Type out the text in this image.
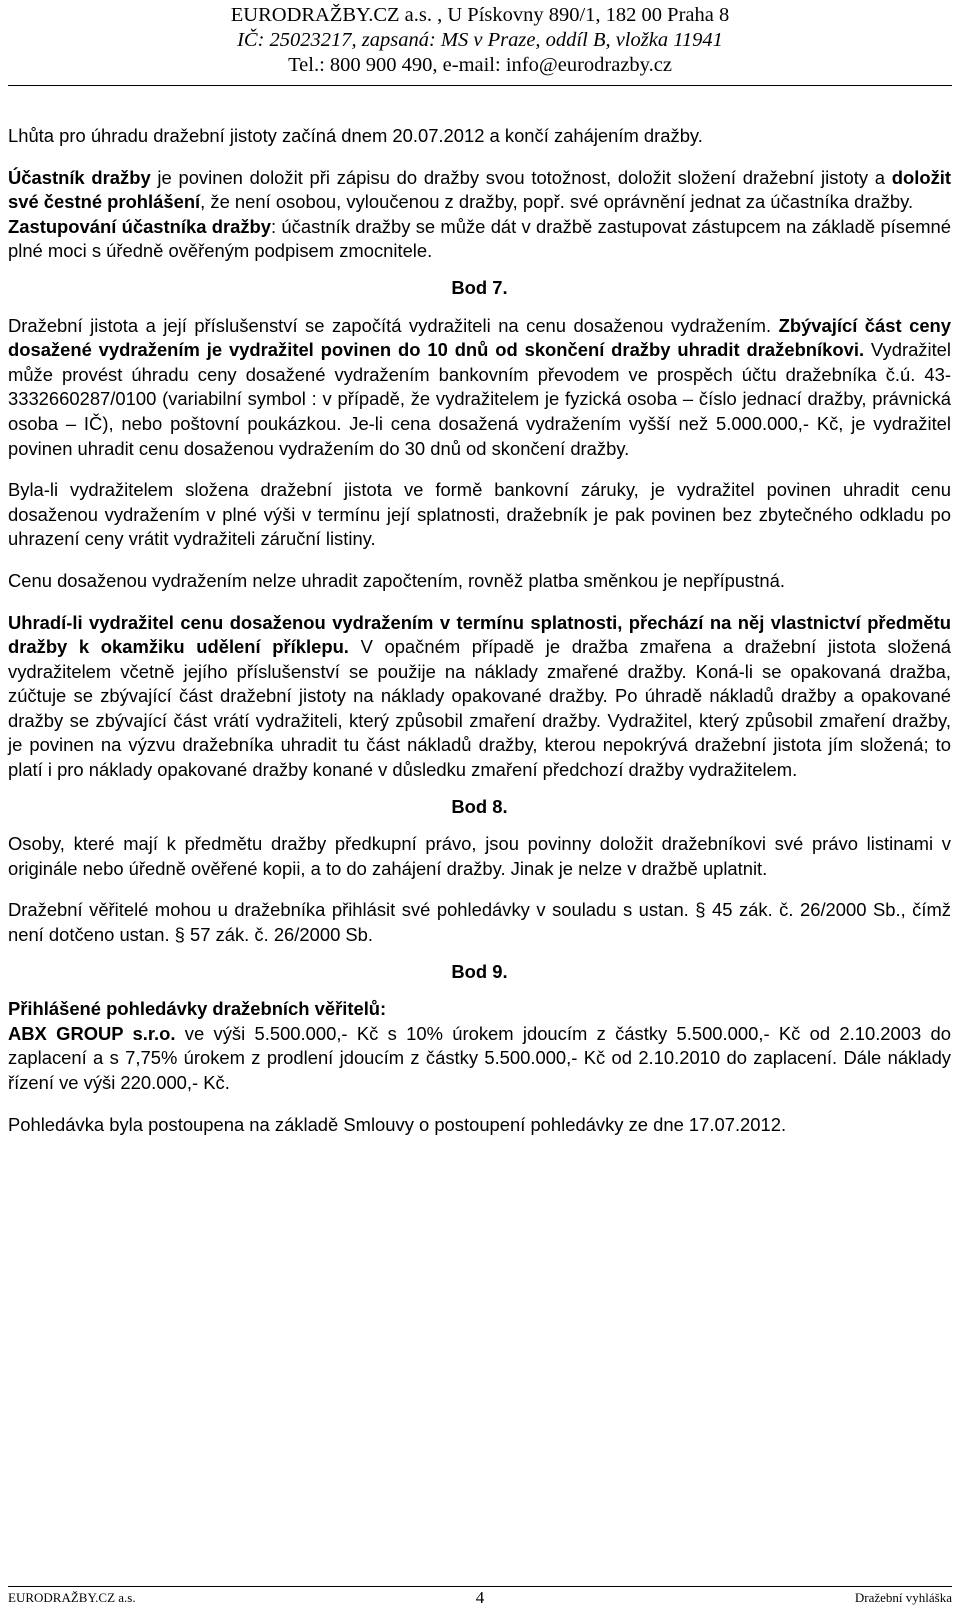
EURODRAŽBY.CZ a.s. , U Pískovny 890/1, 182 00 Praha 8
IČ: 25023217, zapsaná: MS v Praze, oddíl B, vložka 11941
Tel.: 800 900 490, e-mail: info@eurodrazby.cz

Lhůta pro úhradu dražební jistoty začíná dnem 20.07.2012 a končí zahájením dražby.

Účastník dražby je povinen doložit při zápisu do dražby svou totožnost, doložit složení dražební jistoty a doložit své čestné prohlášení, že není osobou, vyloučenou z dražby, popř. své oprávnění jednat za účastníka dražby.

Zastupování účastníka dražby: účastník dražby se může dát v dražbě zastupovat zástupcem na základě písemné plné moci s úředně ověřeným podpisem zmocnitele.

Bod 7.

Dražební jistota a její příslušenství se započítá vydražiteli na cenu dosaženou vydražením. Zbývající část ceny dosažené vydražením je vydražitel povinen do 10 dnů od skončení dražby uhradit dražebníkovi. Vydražitel může provést úhradu ceny dosažené vydražením bankovním převodem ve prospěch účtu dražebníka č.ú. 43-3332660287/0100 (variabilní symbol : v případě, že vydražitelem je fyzická osoba – číslo jednací dražby, právnická osoba – IČ), nebo poštovní poukázkou. Je-li cena dosažená vydražením vyšší než 5.000.000,- Kč, je vydražitel povinen uhradit cenu dosaženou vydražením do 30 dnů od skončení dražby.

Byla-li vydražitelem složena dražební jistota ve formě bankovní záruky, je vydražitel povinen uhradit cenu dosaženou vydražením v plné výši v termínu její splatnosti, dražebník je pak povinen bez zbytečného odkladu po uhrazení ceny vrátit vydražiteli záruční listiny.

Cenu dosaženou vydražením nelze uhradit započtením, rovněž platba směnkou je nepřípustná.

Uhradí-li vydražitel cenu dosaženou vydražením v termínu splatnosti, přechází na něj vlastnictví předmětu dražby k okamžiku udělení příklepu. V opačném případě je dražba zmařena a dražební jistota složená vydražitelem včetně jejího příslušenství se použije na náklady zmařené dražby. Koná-li se opakovaná dražba, zúčtuje se zbývající část dražební jistoty na náklady opakované dražby. Po úhradě nákladů dražby a opakované dražby se zbývající část vrátí vydražiteli, který způsobil zmaření dražby. Vydražitel, který způsobil zmaření dražby, je povinen na výzvu dražebníka uhradit tu část nákladů dražby, kterou nepokrývá dražební jistota jím složená; to platí i pro náklady opakované dražby konané v důsledku zmaření předchozí dražby vydražitelem.

Bod 8.

Osoby, které mají k předmětu dražby předkupní právo, jsou povinny doložit dražebníkovi své právo listinami v originále nebo úředně ověřené kopii, a to do zahájení dražby. Jinak je nelze v dražbě uplatnit.

Dražební věřitelé mohou u dražebníka přihlásit své pohledávky v souladu s ustan. § 45 zák. č. 26/2000 Sb., čímž není dotčeno ustan. § 57 zák. č. 26/2000 Sb.

Bod 9.

Přihlášené pohledávky dražebních věřitelů:
ABX GROUP s.r.o. ve výši 5.500.000,- Kč s 10% úrokem jdoucím z částky 5.500.000,- Kč od 2.10.2003 do zaplacení a s 7,75% úrokem z prodlení jdoucím z částky 5.500.000,- Kč od 2.10.2010 do zaplacení. Dále náklady řízení ve výši 220.000,- Kč.

Pohledávka byla postoupena na základě Smlouvy o postoupení pohledávky ze dne 17.07.2012.

EURODRAŽBY.CZ a.s.	4	Dražební vyhláška
